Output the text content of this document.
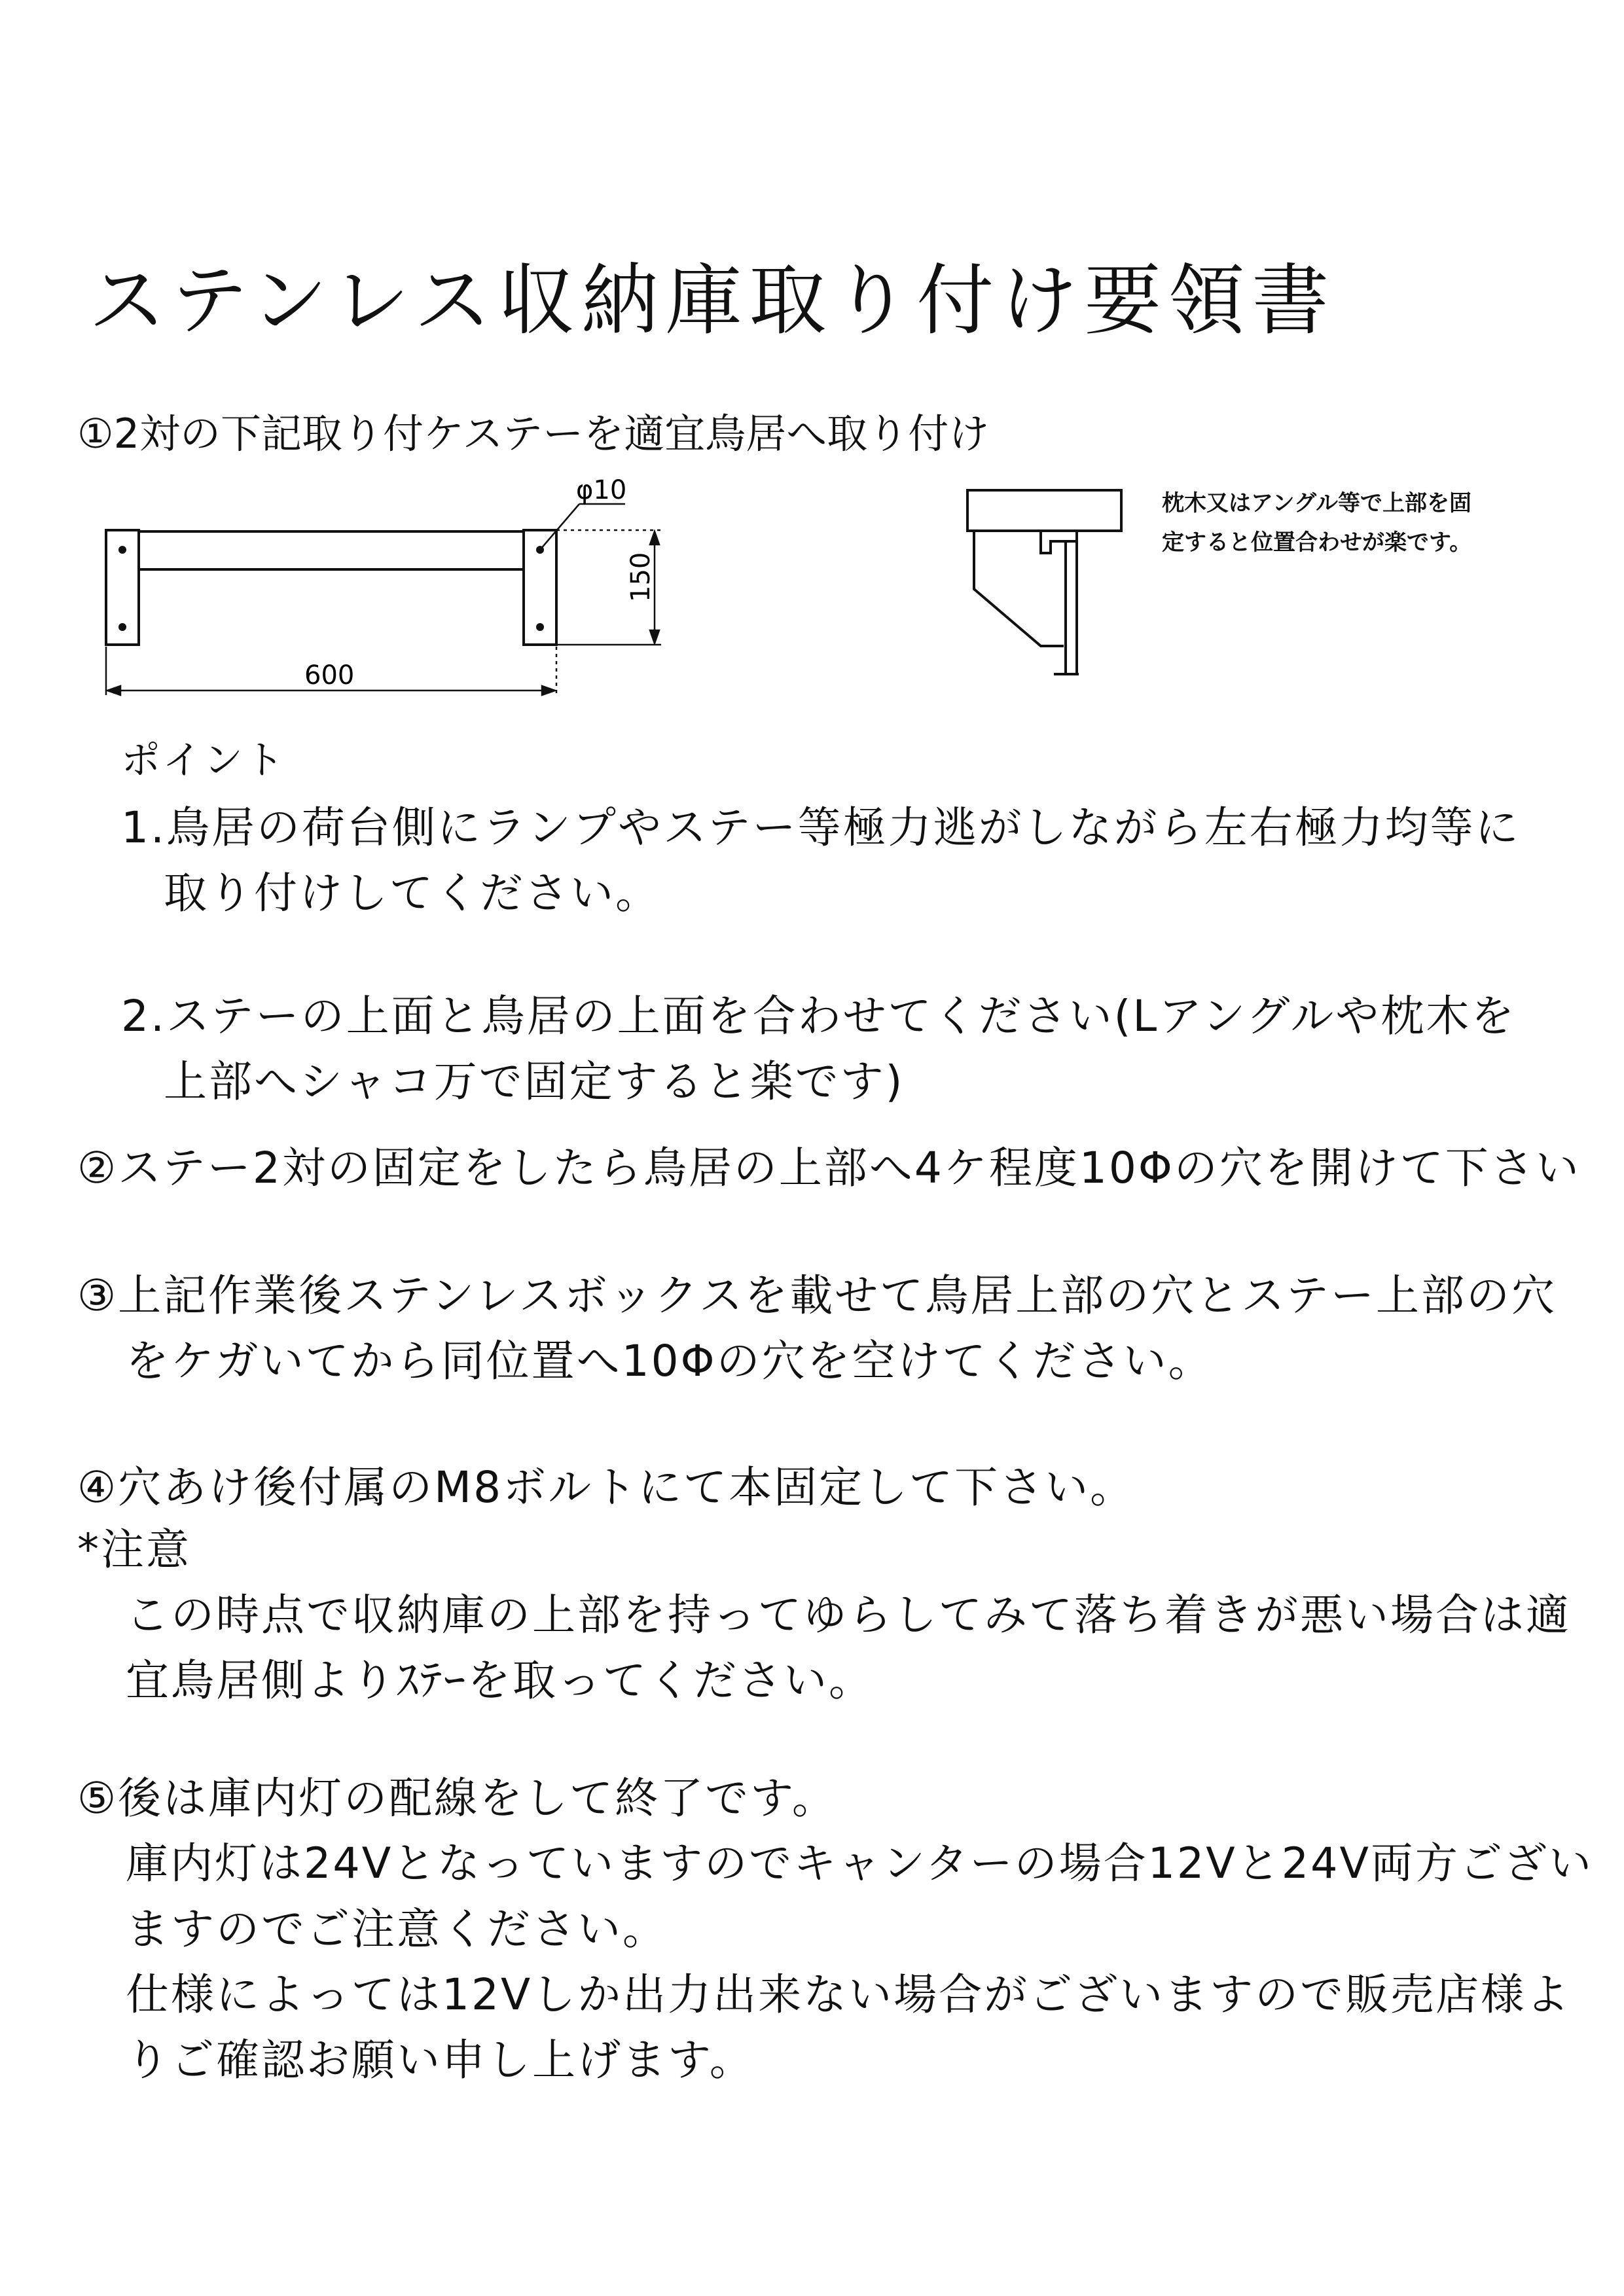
ステンレス収納庫取り付け要領書
①2対の下記取り付ケステーを適宜鳥居へ取り付け
φ10
150
600
枕木又はアングル等で上部を固
定すると位置合わせが楽です。
ポイント
1.鳥居の荷台側にランプやステー等極力逃がしながら左右極力均等に
取り付けしてください。
2.ステーの上面と鳥居の上面を合わせてください(Lアングルや枕木を
上部へシャコ万で固定すると楽です)
②ステー2対の固定をしたら鳥居の上部へ4ケ程度10Φの穴を開けて下さい
③上記作業後ステンレスボックスを載せて鳥居上部の穴とステー上部の穴
をケガいてから同位置へ10Φの穴を空けてください。
④穴あけ後付属のM8ボルトにて本固定して下さい。
*注意
この時点で収納庫の上部を持ってゆらしてみて落ち着きが悪い場合は適
宜鳥居側よりｽﾃｰを取ってください。
⑤後は庫内灯の配線をして終了です。
庫内灯は24Vとなっていますのでキャンターの場合12Vと24V両方ござい
ますのでご注意ください。
仕様によっては12Vしか出力出来ない場合がございますので販売店様よ
りご確認お願い申し上げます。
